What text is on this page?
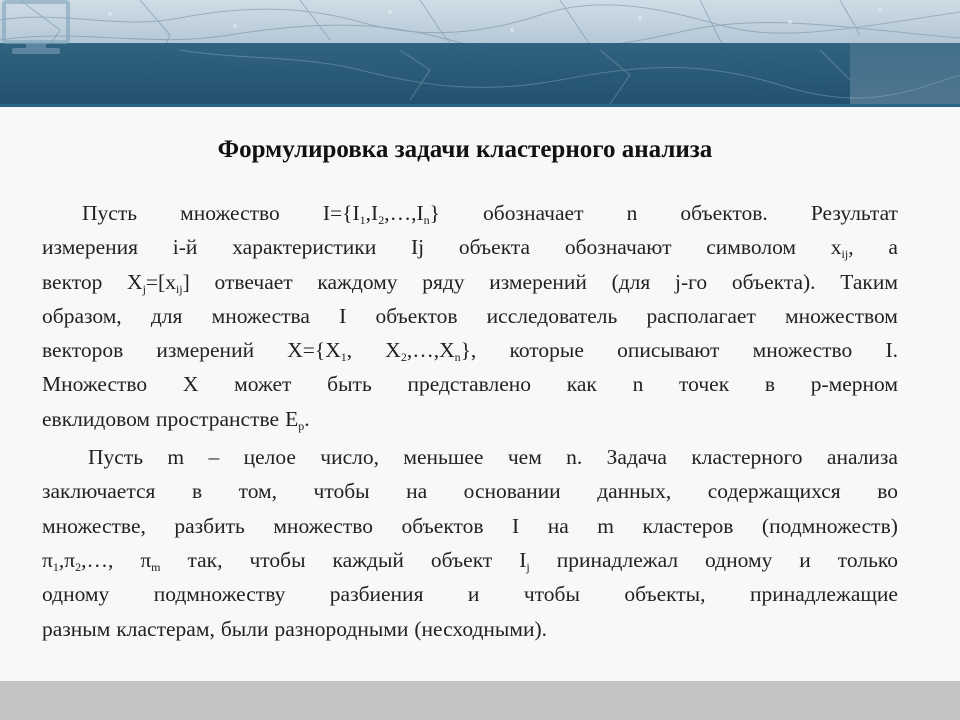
Формулировка задачи кластерного анализа
Пусть множество $I=\{I_1,I_2,\dots,I_n\}$ обозначает n объектов. Результат
измерения i-й характеристики Ij объекта обозначают символом $x_{ij}$, а
вектор $X_j=[x_{ij}]$ отвечает каждому ряду измерений (для j-го объекта). Таким
образом, для множества I объектов исследователь располагает множеством
векторов измерений $X=\{X_1$, $X_2,\dots,X_n$}, которые описывают множество I.
Множество X может быть представлено как n точек в p-мерном
евклидовом пространстве $E_p$.
Пусть m – целое число, меньшее чем n. Задача кластерного анализа
заключается в том, чтобы на основании данных, содержащихся во
множестве, разбить множество объектов I на m кластеров (подмножеств)
$\pi_1,\pi_2,\dots$, $\pi_m$ так, чтобы каждый объект $I_j$ принадлежал одному и только
одному подмножеству разбиения и чтобы объекты, принадлежащие
разным кластерам, были разнородными (несходными).
